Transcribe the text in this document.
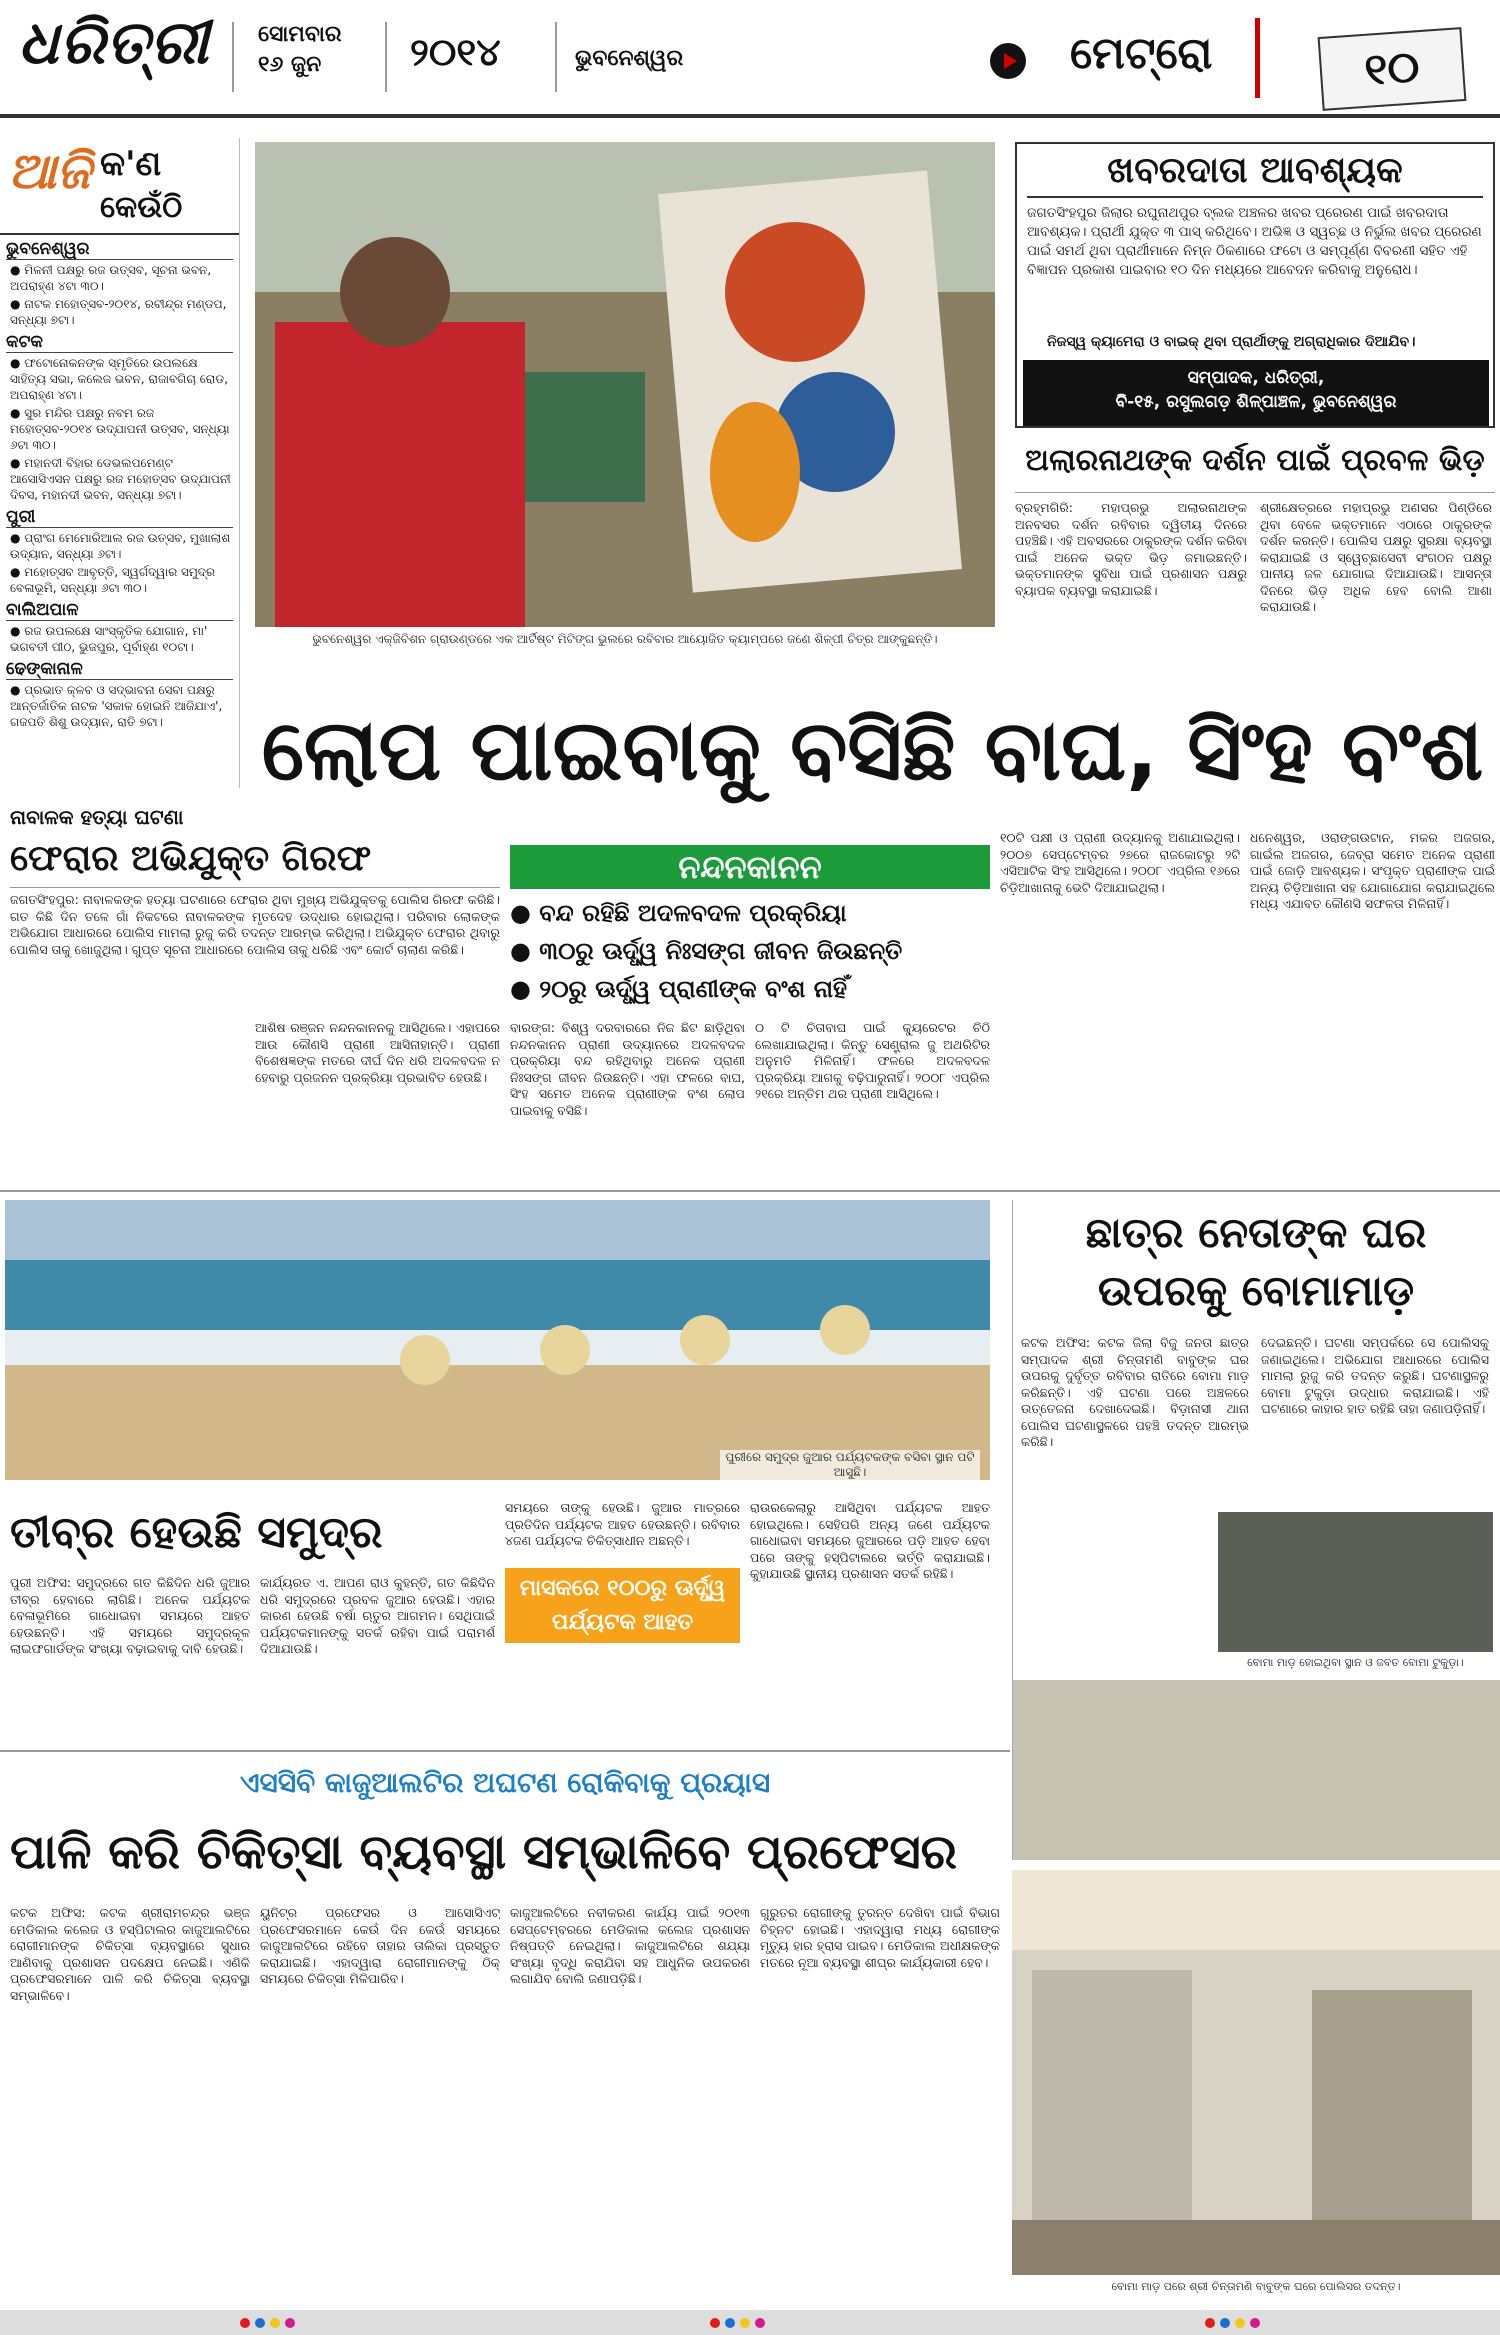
ଧରିତ୍ରୀ ସୋମବାର
୧୬ ଜୁନ	୨୦୧୪	ଭୁବନେଶ୍ୱର	ମେଟ୍ରୋ	୧୦
ଆଜି କ'ଣ
କେଉଁଠି
ଭୁବନେଶ୍ୱର
● ମିଳନୀ ପକ୍ଷରୁ ରଜ ଉତ୍ସବ, ସୂଚନା ଭବନ, ଅପରାହ୍ଣ ୪ଟା ୩୦।
● ନାଟକ ମହୋତ୍ସବ-୨୦୧୪, ରବୀନ୍ଦ୍ର ମଣ୍ଡପ, ସନ୍ଧ୍ୟା ୭ଟା।
କଟକ
● ଫଟୋନୋକନଙ୍କ ସ୍ମୃତିରେ ଉପଲକ୍ଷେ ସାହିତ୍ୟ ସଭା, କଲେଜ ଭବନ, ରାଜାବଗିଚା ରୋଡ, ଅପରାହ୍ଣ ୪ଟା।
● ସୁର ମନ୍ଦିର ପକ୍ଷରୁ ନବମ ରଜ ମହୋତ୍ସବ-୨୦୧୪ ଉଦ୍‌ଯାପନୀ ଉତ୍ସବ, ସନ୍ଧ୍ୟା ୬ଟା ୩୦।
● ମହାନଦୀ ବିହାର ଡେଭଲପମେଣ୍ଟ ଆସୋସିଏସନ ପକ୍ଷରୁ ରଜ ମହୋତ୍ସବ ଉଦ୍‌ଯାପନୀ ଦିବସ, ମହାନଦୀ ଭବନ, ସନ୍ଧ୍ୟା ୭ଟା।
ପୁରୀ
● ପ୍ରାଂଗ ମେମୋରିଆଲ ରଜ ଉତ୍ସବ, ମୁଖାଲାଶ ଉଦ୍ୟାନ, ସନ୍ଧ୍ୟା ୬ଟା।
● ମହୋତ୍ସବ ଆବୃତ୍ତି, ସ୍ୱର୍ଗଦ୍ୱାର ସମୁଦ୍ର ବେଳାଭୂମି, ସନ୍ଧ୍ୟା ୬ଟା ୩୦।
ବାଲିଅପାଳ
● ରଜ ଉପଲକ୍ଷେ ସାଂସ୍କୃତିକ ଯୋଗାନ, ମା' ଭଗବତୀ ପୀଠ, ଭୁଜପୁର, ପୂର୍ବାହ୍ଣ ୧୦ଟା।
ଢେଙ୍କାନାଳ
● ପ୍ରଭାତ କ୍ଳବ ଓ ସଦ୍ଭାବନା ସେବା ପକ୍ଷରୁ ଆନ୍ତର୍ଜାତିକ ନାଟକ 'ସକାଳ ହୋଇନି ଆଜିଯାଏ', ଗଜପତି ଶିଶୁ ଉଦ୍ୟାନ, ରାତି ୭ଟା।
ଭୁବନେଶ୍ୱର ଏକ୍ଜିବିଶନ ଗ୍ରାଉଣ୍ଡରେ ଏକ ଆର୍ଟିଷ୍ଟ ମିଟିଙ୍ଗ ଭୁଲରେ ରବିବାର ଆୟୋଜିତ କ୍ୟାମ୍ପରେ ଜଣେ ଶିଳ୍ପୀ ଚିତ୍ର ଆଙ୍କୁଛନ୍ତି।
ଖବରଦାତା ଆବଶ୍ୟକ
ଜଗତସିଂହପୁର ଜିଲାର ରଘୁନାଥପୁର ବ୍ଲକ ଅଞ୍ଚଳର ଖବର ପ୍ରେରଣ ପାଇଁ ଖବରଦାତା ଆବଶ୍ୟକ। ପ୍ରାର୍ଥୀ ଯୁକ୍ତ ୩ ପାସ୍ କରିଥିବେ। ଅଭିଜ୍ଞ ଓ ସ୍ୱଚ୍ଛ ଓ ନିର୍ଭୁଲ ଖବର ପ୍ରେରଣ ପାଇଁ ସମର୍ଥ ଥିବା ପ୍ରାର୍ଥୀମାନେ ନିମ୍ନ ଠିକଣାରେ ଫଟୋ ଓ ସମ୍ପୂର୍ଣ୍ଣ ବିବରଣୀ ସହିତ ଏହି ବିଜ୍ଞାପନ ପ୍ରକାଶ ପାଇବାର ୧୦ ଦିନ ମଧ୍ୟରେ ଆବେଦନ କରିବାକୁ ଅନୁରୋଧ।
ନିଜସ୍ୱ କ୍ୟାମେରା ଓ ବାଇକ୍ ଥିବା ପ୍ରାର୍ଥୀଙ୍କୁ ଅଗ୍ରାଧିକାର ଦିଆଯିବ।
ସମ୍ପାଦକ, ଧରିତ୍ରୀ,
ବି-୧୫, ରସୁଲଗଡ଼ ଶିଳ୍ପାଞ୍ଚଳ, ଭୁବନେଶ୍ୱର
ଅଲାରନାଥଙ୍କ ଦର୍ଶନ ପାଇଁ ପ୍ରବଳ ଭିଡ଼
ବ୍ରହ୍ମଗିରି: ମହାପ୍ରଭୁ ଅଲାରନାଥଙ୍କ ଅନବସର ଦର୍ଶନ ରବିବାର ଦ୍ୱିତୀୟ ଦିନରେ ପହଞ୍ଚିଛି। ଏହି ଅବସରରେ ଠାକୁରଙ୍କ ଦର୍ଶନ କରିବା ପାଇଁ ଅନେକ ଭକ୍ତ ଭିଡ଼ ଜମାଇଛନ୍ତି। ଭକ୍ତମାନଙ୍କ ସୁବିଧା ପାଇଁ ପ୍ରଶାସନ ପକ୍ଷରୁ ବ୍ୟାପକ ବ୍ୟବସ୍ଥା କରାଯାଇଛି।
ଶ୍ରୀକ୍ଷେତ୍ରରେ ମହାପ୍ରଭୁ ଅଣସର ପିଣ୍ଡିରେ ଥିବା ବେଳେ ଭକ୍ତମାନେ ଏଠାରେ ଠାକୁରଙ୍କ ଦର୍ଶନ କରନ୍ତି। ପୋଲିସ ପକ୍ଷରୁ ସୁରକ୍ଷା ବ୍ୟବସ୍ଥା କରାଯାଇଛି ଓ ସ୍ୱେଚ୍ଛାସେବୀ ସଂଗଠନ ପକ୍ଷରୁ ପାନୀୟ ଜଳ ଯୋଗାଇ ଦିଆଯାଉଛି। ଆସନ୍ତା ଦିନରେ ଭିଡ଼ ଅଧିକ ହେବ ବୋଲି ଆଶା କରାଯାଉଛି।
ଲୋପ ପାଇବାକୁ ବସିଛି ବାଘ, ସିଂହ ବଂଶ
ନାବାଳକ ହତ୍ୟା ଘଟଣା
ଫେରାର ଅଭିଯୁକ୍ତ ଗିରଫ
ଜଗତସିଂହପୁର: ନାବାଳକଙ୍କ ହତ୍ୟା ଘଟଣାରେ ଫେରାର ଥିବା ମୁଖ୍ୟ ଅଭିଯୁକ୍ତକୁ ପୋଲିସ ଗିରଫ କରିଛି। ଗତ କିଛି ଦିନ ତଳେ ଗାଁ ନିକଟରେ ନାବାଳକଙ୍କ ମୃତଦେହ ଉଦ୍ଧାର ହୋଇଥିଲା। ପରିବାର ଲୋକଙ୍କ ଅଭିଯୋଗ ଆଧାରରେ ପୋଲିସ ମାମଲା ରୁଜୁ କରି ତଦନ୍ତ ଆରମ୍ଭ କରିଥିଲା। ଅଭିଯୁକ୍ତ ଫେରାର ଥିବାରୁ ପୋଲିସ ତାକୁ ଖୋଜୁଥିଲା। ଗୁପ୍ତ ସୂଚନା ଆଧାରରେ ପୋଲିସ ତାକୁ ଧରିଛି ଏବଂ କୋର୍ଟ ଚାଲାଣ କରିଛି।
ନନ୍ଦନକାନନ
● ବନ୍ଦ ରହିଛି ଅଦଳବଦଳ ପ୍ରକ୍ରିୟା
● ୩୦ରୁ ଊର୍ଦ୍ଧ୍ୱ ନିଃସଙ୍ଗ ଜୀବନ ଜିଉଛନ୍ତି
● ୨୦ରୁ ଊର୍ଦ୍ଧ୍ୱ ପ୍ରାଣୀଙ୍କ ବଂଶ ନାହିଁ
ବାରଙ୍ଗ: ବିଶ୍ୱ ଦରବାରରେ ନିଜ ଛିଟ ଛାଡ଼ିଥିବା ନନ୍ଦନକାନନ ପ୍ରାଣୀ ଉଦ୍ୟାନରେ ଅଦଳବଦଳ ପ୍ରକ୍ରିୟା ବନ୍ଦ ରହିଥିବାରୁ ଅନେକ ପ୍ରାଣୀ ନିଃସଙ୍ଗ ଜୀବନ ଜିଉଛନ୍ତି। ଏହା ଫଳରେ ବାଘ, ସିଂହ ସମେତ ଅନେକ ପ୍ରାଣୀଙ୍କ ବଂଶ ଲୋପ ପାଇବାକୁ ବସିଛି।
୦ ଟି ଚିତାବାଘ ପାଇଁ କ୍ୟୁରେଟର ଚିଠି ଲେଖାଯାଇଥିଲା। କିନ୍ତୁ ସେଣ୍ଟ୍ରାଲ ଜୁ ଅଥରିଟିର ଅନୁମତି ମିଳିନାହିଁ। ଫଳରେ ଅଦଳବଦଳ ପ୍ରକ୍ରିୟା ଆଗକୁ ବଢ଼ିପାରୁନାହିଁ। ୨୦୦୮ ଏପ୍ରିଲ ୨୧ରେ ଅନ୍ତିମ ଥର ପ୍ରାଣୀ ଆସିଥିଲେ।
ଆଶିଷ ରଞ୍ଜନ ନନ୍ଦନକାନନକୁ ଆସିଥିଲେ। ଏହାପରେ ଆଉ କୌଣସି ପ୍ରାଣୀ ଆସିନାହାନ୍ତି। ପ୍ରାଣୀ ବିଶେଷଜ୍ଞଙ୍କ ମତରେ ଦୀର୍ଘ ଦିନ ଧରି ଅଦଳବଦଳ ନ ହେବାରୁ ପ୍ରଜନନ ପ୍ରକ୍ରିୟା ପ୍ରଭାବିତ ହେଉଛି।
୧୦ଟି ପକ୍ଷୀ ଓ ପ୍ରାଣୀ ଉଦ୍ୟାନକୁ ଅଣାଯାଇଥିଲା। ୨୦୦୭ ସେପ୍ଟେମ୍ବର ୨୭ରେ ରାଜକୋଟରୁ ୨ଟି ଏସିଆଟିକ ସିଂହ ଆସିଥିଲେ। ୨୦୦୮ ଏପ୍ରିଲ ୧୬ରେ ଚିଡ଼ିଆଖାନାକୁ ଭେଟି ଦିଆଯାଇଥିଲା।
ଧନେଶ୍ୱର, ଓରାଙ୍ଗଉଟାନ, ମକର ଅଜଗର, ଗାଇଁଲ ଅଜଗର, ଜେବ୍ରା ସମେତ ଅନେକ ପ୍ରାଣୀ ପାଇଁ ଜୋଡ଼ି ଆବଶ୍ୟକ। ସଂପୃକ୍ତ ପ୍ରାଣୀଙ୍କ ପାଇଁ ଅନ୍ୟ ଚିଡ଼ିଆଖାନା ସହ ଯୋଗାଯୋଗ କରାଯାଇଥିଲେ ମଧ୍ୟ ଏଯାବତ କୌଣସି ସଫଳତା ମିଳିନାହିଁ।
ପୁରୀରେ ସମୁଦ୍ର ଜୁଆର ପର୍ଯ୍ୟଟକଙ୍କ ବସିବା ସ୍ଥାନ ପଟି ଆସୁଛି।
ତୀବ୍ର ହେଉଛି ସମୁଦ୍ର
ମାସକରେ ୧୦୦ରୁ ଊର୍ଦ୍ଧ୍ୱ ପର୍ଯ୍ୟଟକ ଆହତ
ପୁରୀ ଅଫିସ: ସମୁଦ୍ରରେ ଗତ କିଛିଦିନ ଧରି ଜୁଆର ତୀବ୍ର ହେବାରେ ଲାଗିଛି। ଅନେକ ପର୍ଯ୍ୟଟକ ବେଳାଭୂମିରେ ଗାଧୋଇବା ସମୟରେ ଆହତ ହେଉଛନ୍ତି। ଏହି ସମୟରେ ସମୁଦ୍ରକୂଳ ଲାଇଫଗାର୍ଡଙ୍କ ସଂଖ୍ୟା ବଢ଼ାଇବାକୁ ଦାବି ହେଉଛି।
କାର୍ଯ୍ୟରତ ଏ. ଆପଣ ରାଓ କୁହନ୍ତି, ଗତ କିଛିଦିନ ଧରି ସମୁଦ୍ରରେ ପ୍ରବଳ ଜୁଆର ହେଉଛି। ଏହାର କାରଣ ହେଉଛି ବର୍ଷା ଋତୁର ଆଗମନ। ସେଥିପାଇଁ ପର୍ଯ୍ୟଟକମାନଙ୍କୁ ସତର୍କ ରହିବା ପାଇଁ ପରାମର୍ଶ ଦିଆଯାଉଛି।
ସମୟରେ ତାଙ୍କୁ ହେଉଛି। ଜୁଆର ମାତ୍ରରେ ପ୍ରତିଦିନ ପର୍ଯ୍ୟଟକ ଆହତ ହେଉଛନ୍ତି। ରବିବାର ୪ଜଣ ପର୍ଯ୍ୟଟକ ଚିକିତ୍ସାଧୀନ ଅଛନ୍ତି।
ରାଉରକେଲାରୁ ଆସିଥିବା ପର୍ଯ୍ୟଟକ ଆହତ ହୋଇଥିଲେ। ସେହିପରି ଅନ୍ୟ ଜଣେ ପର୍ଯ୍ୟଟକ ଗାଧୋଇବା ସମୟରେ ଜୁଆରରେ ପଡ଼ି ଆହତ ହେବା ପରେ ତାଙ୍କୁ ହସ୍ପିଟାଲରେ ଭର୍ତ୍ତି କରାଯାଇଛି। କୁହାଯାଉଛି ସ୍ଥାନୀୟ ପ୍ରଶାସନ ସତର୍କ ରହିଛି।
ଛାତ୍ର ନେତାଙ୍କ ଘର ଉପରକୁ ବୋମାମାଡ଼
କଟକ ଅଫିସ: କଟକ ଜିଲା ବିଜୁ ଜନତା ଛାତ୍ର ସମ୍ପାଦକ ଶ୍ରୀ ଚିନ୍ତାମଣି ବାବୁଙ୍କ ଘର ଉପରକୁ ଦୁର୍ବୃତ୍ତ ରବିବାର ରାତିରେ ବୋମା ମାଡ଼ କରିଛନ୍ତି। ଏହି ଘଟଣା ପରେ ଅଞ୍ଚଳରେ ଉତ୍ତେଜନା ଦେଖାଦେଇଛି। ବିଡ଼ାନାସୀ ଥାନା ପୋଲିସ ଘଟଣାସ୍ଥଳରେ ପହଞ୍ଚି ତଦନ୍ତ ଆରମ୍ଭ କରିଛି।
ଦେଇଛନ୍ତି। ଘଟଣା ସମ୍ପର୍କରେ ସେ ପୋଲିସକୁ ଜଣାଇଥିଲେ। ଅଭିଯୋଗ ଆଧାରରେ ପୋଲିସ ମାମଲା ରୁଜୁ କରି ତଦନ୍ତ କରୁଛି। ଘଟଣାସ୍ଥଳରୁ ବୋମା ଟୁକୁଡ଼ା ଉଦ୍ଧାର କରାଯାଇଛି। ଏହି ଘଟଣାରେ କାହାର ହାତ ରହିଛି ତାହା ଜଣାପଡ଼ିନାହିଁ।
ବୋମା ମାଡ଼ ହୋଇଥିବା ସ୍ଥାନ ଓ ଜବତ ବୋମା ଟୁକୁଡ଼ା।
ଏସସିବି କାଜୁଆଲଟିର ଅଘଟଣ ରୋକିବାକୁ ପ୍ରୟାସ
ପାଳି କରି ଚିକିତ୍ସା ବ୍ୟବସ୍ଥା ସମ୍ଭାଳିବେ ପ୍ରଫେସର
କଟକ ଅଫିସ: କଟକ ଶ୍ରୀରାମଚନ୍ଦ୍ର ଭଞ୍ଜ ମେଡିକାଲ କଲେଜ ଓ ହସ୍ପିଟାଲର କାଜୁଆଲଟିରେ ରୋଗୀମାନଙ୍କ ଚିକିତ୍ସା ବ୍ୟବସ୍ଥାରେ ସୁଧାର ଆଣିବାକୁ ପ୍ରଶାସନ ପଦକ୍ଷେପ ନେଇଛି। ଏଣିକି ପ୍ରଫେସରମାନେ ପାଳି କରି ଚିକିତ୍ସା ବ୍ୟବସ୍ଥା ସମ୍ଭାଳିବେ।
ୟୁନିଟ୍‌ର ପ୍ରଫେସର ଓ ଆସୋସିଏଟ୍ ପ୍ରଫେସରମାନେ କେଉଁ ଦିନ କେଉଁ ସମୟରେ କାଜୁଆଲଟିରେ ରହିବେ ତାହାର ତାଲିକା ପ୍ରସ୍ତୁତ କରାଯାଇଛି। ଏହାଦ୍ୱାରା ରୋଗୀମାନଙ୍କୁ ଠିକ୍ ସମୟରେ ଚିକିତ୍ସା ମିଳିପାରିବ।
କାଜୁଆଲଟିରେ ନବୀକରଣ କାର୍ଯ୍ୟ ପାଇଁ ୨୦୧୩ ସେପ୍ଟେମ୍ବରରେ ମେଡିକାଲ କଲେଜ ପ୍ରଶାସନ ନିଷ୍ପତ୍ତି ନେଇଥିଲା। କାଜୁଆଲଟିରେ ଶଯ୍ୟା ସଂଖ୍ୟା ବୃଦ୍ଧି କରାଯିବା ସହ ଆଧୁନିକ ଉପକରଣ ଲଗାଯିବ ବୋଲି ଜଣାପଡ଼ିଛି।
ଗୁରୁତର ରୋଗୀଙ୍କୁ ତୁରନ୍ତ ଦେଖିବା ପାଇଁ ବିଭାଗ ଚିହ୍ନଟ ହୋଇଛି। ଏହାଦ୍ୱାରା ମଧ୍ୟ ରୋଗୀଙ୍କ ମୃତ୍ୟୁ ହାର ହ୍ରାସ ପାଇବ। ମେଡିକାଲ ଅଧୀକ୍ଷକଙ୍କ ମତରେ ନୂଆ ବ୍ୟବସ୍ଥା ଶୀଘ୍ର କାର୍ଯ୍ୟକାରୀ ହେବ।
ବୋମା ମାଡ଼ ପରେ ଶ୍ରୀ ଚିନ୍ତାମଣି ବାବୁଙ୍କ ଘରେ ପୋଲିସର ତଦନ୍ତ।
